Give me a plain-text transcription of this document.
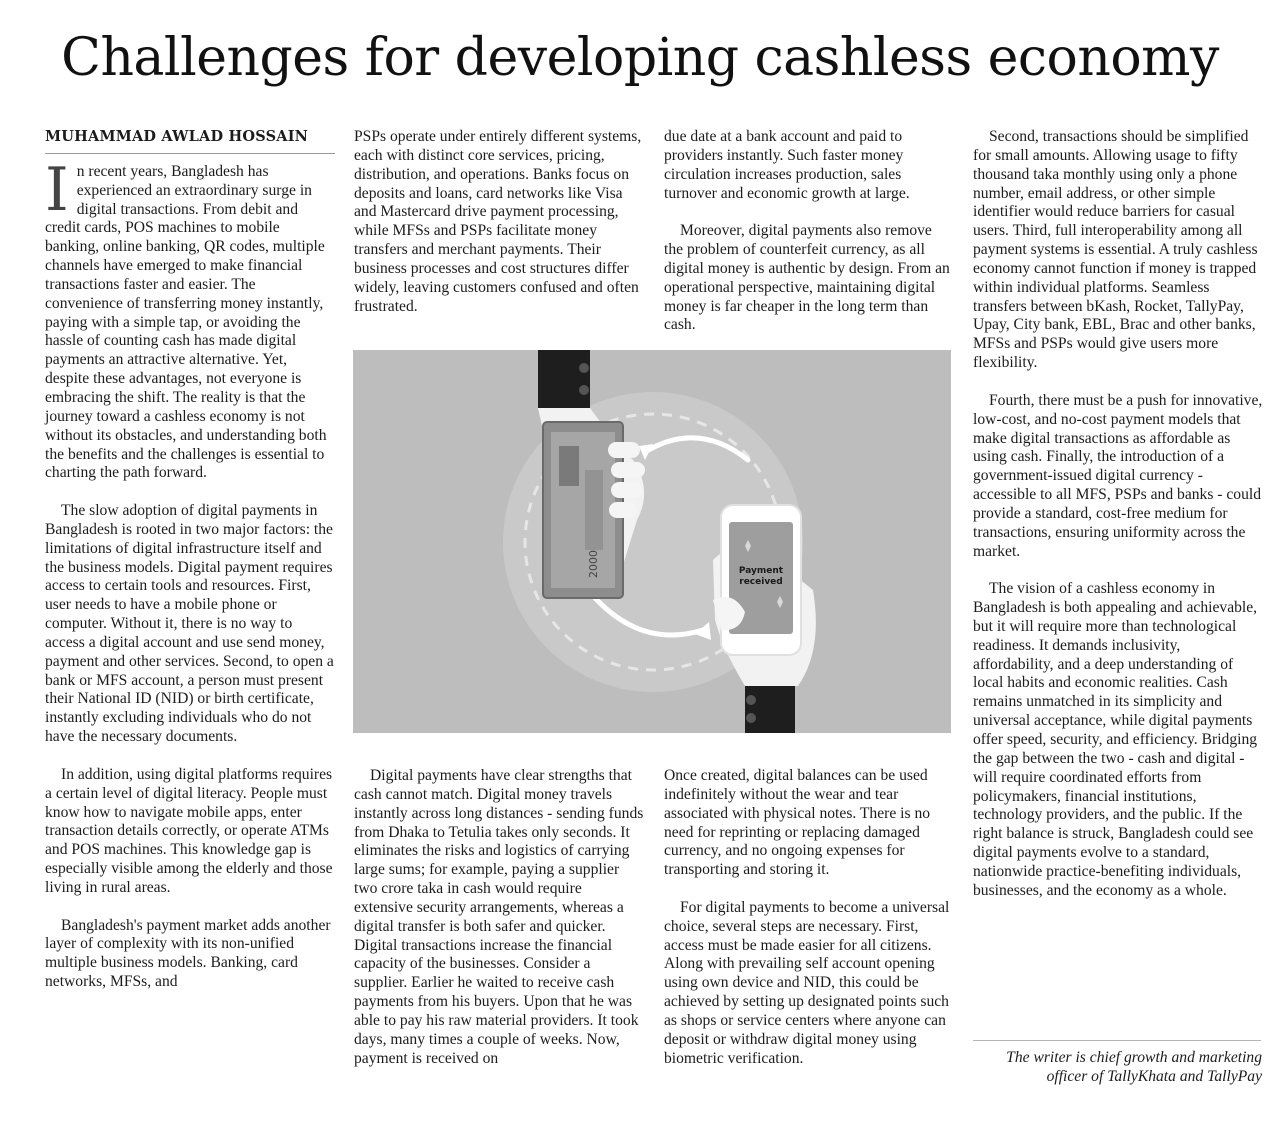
Challenges for developing cashless economy
MUHAMMAD AWLAD HOSSAIN

In recent years, Bangladesh has experienced an extraordinary surge in digital transactions. From debit and credit cards, POS machines to mobile banking, online banking, QR codes, multiple channels have emerged to make financial transactions faster and easier. The convenience of transferring money instantly, paying with a simple tap, or avoiding the hassle of counting cash has made digital payments an attractive alternative. Yet, despite these advantages, not everyone is embracing the shift. The reality is that the journey toward a cashless economy is not without its obstacles, and understanding both the benefits and the challenges is essential to charting the path forward.

The slow adoption of digital payments in Bangladesh is rooted in two major factors: the limitations of digital infrastructure itself and the business models. Digital payment requires access to certain tools and resources. First, user needs to have a mobile phone or computer. Without it, there is no way to access a digital account and use send money, payment and other services. Second, to open a bank or MFS account, a person must present their National ID (NID) or birth certificate, instantly excluding individuals who do not have the necessary documents.

In addition, using digital platforms requires a certain level of digital literacy. People must know how to navigate mobile apps, enter transaction details correctly, or operate ATMs and POS machines. This knowledge gap is especially visible among the elderly and those living in rural areas.

Bangladesh's payment market adds another layer of complexity with its non-unified multiple business models. Banking, card networks, MFSs, and

PSPs operate under entirely different systems, each with distinct core services, pricing, distribution, and operations. Banks focus on deposits and loans, card networks like Visa and Mastercard drive payment processing, while MFSs and PSPs facilitate money transfers and merchant payments. Their business processes and cost structures differ widely, leaving customers confused and often frustrated.

due date at a bank account and paid to providers instantly. Such faster money circulation increases production, sales turnover and economic growth at large.

Moreover, digital payments also remove the problem of counterfeit currency, as all digital money is authentic by design. From an operational perspective, maintaining digital money is far cheaper in the long term than cash.

2000	Payment
received

Digital payments have clear strengths that cash cannot match. Digital money travels instantly across long distances - sending funds from Dhaka to Tetulia takes only seconds. It eliminates the risks and logistics of carrying large sums; for example, paying a supplier two crore taka in cash would require extensive security arrangements, whereas a digital transfer is both safer and quicker. Digital transactions increase the financial capacity of the businesses. Consider a supplier. Earlier he waited to receive cash payments from his buyers. Upon that he was able to pay his raw material providers. It took days, many times a couple of weeks. Now, payment is received on

Once created, digital balances can be used indefinitely without the wear and tear associated with physical notes. There is no need for reprinting or replacing damaged currency, and no ongoing expenses for transporting and storing it.

For digital payments to become a universal choice, several steps are necessary. First, access must be made easier for all citizens. Along with prevailing self account opening using own device and NID, this could be achieved by setting up designated points such as shops or service centers where anyone can deposit or withdraw digital money using biometric verification.

Second, transactions should be simplified for small amounts. Allowing usage to fifty thousand taka monthly using only a phone number, email address, or other simple identifier would reduce barriers for casual users. Third, full interoperability among all payment systems is essential. A truly cashless economy cannot function if money is trapped within individual platforms. Seamless transfers between bKash, Rocket, TallyPay, Upay, City bank, EBL, Brac and other banks, MFSs and PSPs would give users more flexibility.

Fourth, there must be a push for innovative, low-cost, and no-cost payment models that make digital transactions as affordable as using cash. Finally, the introduction of a government-issued digital currency - accessible to all MFS, PSPs and banks - could provide a standard, cost-free medium for transactions, ensuring uniformity across the market.

The vision of a cashless economy in Bangladesh is both appealing and achievable, but it will require more than technological readiness. It demands inclusivity, affordability, and a deep understanding of local habits and economic realities. Cash remains unmatched in its simplicity and universal acceptance, while digital payments offer speed, security, and efficiency. Bridging the gap between the two - cash and digital - will require coordinated efforts from policymakers, financial institutions, technology providers, and the public. If the right balance is struck, Bangladesh could see digital payments evolve to a standard, nationwide practice-benefiting individuals, businesses, and the economy as a whole.

The writer is chief growth and marketing officer of TallyKhata and TallyPay
